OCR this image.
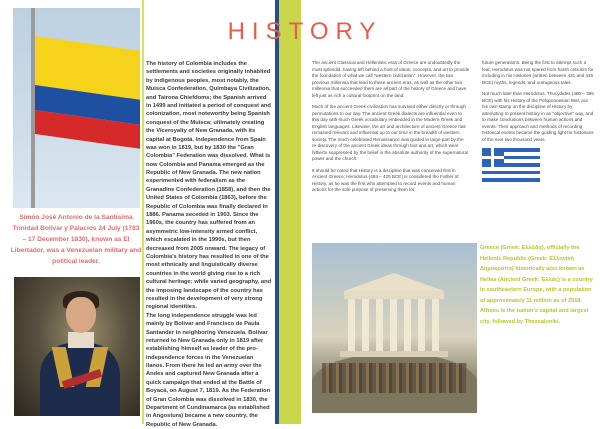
Simón José Antonio de la Santísima Trinidad Bolívar y Palacios 24 July (1783 – 17 December 1830), known as El Libertador, was a Venezuelan military and political leader.

The history of Colombia includes the settlements and societies originally inhabited by indigenous peoples, most notably, the Muisca Confederation, Quimbaya Civilization, and Tairona Chiefdoms; the Spanish arrived in 1499 and initiated a period of conquest and colonization, most noteworthy being Spanish conquest of the Muisca; ultimately creating the Viceroyalty of New Granada, with its capital at Bogotá. Independence from Spain was won in 1819, but by 1830 the "Gran Colombia" Federation was dissolved. What is now Colombia and Panama emerged as the Republic of New Granada. The new nation experimented with federalism as the Granadine Confederation (1858), and then the United States of Colombia (1863), before the Republic of Colombia was finally declared in 1886. Panama seceded in 1903. Since the 1960s, the country has suffered from an asymmetric low-intensity armed conflict, which escalated in the 1990s, but then decreased from 2005 onward. The legacy of Colombia's history has resulted in one of the most ethnically and linguistically diverse countries in the world giving rise to a rich cultural heritage; while varied geography, and the imposing landscape of the country has resulted in the development of very strong regional identities.

The long independence struggle was led mainly by Bolivar and Francisco de Paula Santander in neighboring Venezuela. Bolivar returned to New Granada only in 1819 after establishing himself as leader of the pro-independence forces in the Venezuelan llanos. From there he led an army over the Andes and captured New Granada after a quick campaign that ended at the Battle of Boyacá, on August 7, 1819. As the Federation of Gran Colombia was dissolved in 1830, the Department of Cundinamarca (as established in Angostura) became a new country, the Republic of New Granada.

HISTORY

The ancient Classical and Hellenistic eras of Greece are undoubtedly the most splendid, having left behind a host of ideas, concepts, and art to provide the foundation of what we call "western civilization". However, the two previous millennia that lead to these ancient eras, as well as the other two millennia that succeeded them are all part of the history of Greece and have left just as rich a cultural footprint on the land.

Much of the ancient Greek civilization has survived either directly or through permutations to our day. The ancient Greek dialects are influential even to this day with much Greek vocabulary embedded in the Modern Greek and English languages. Likewise, the art and architecture of ancient Greece has remained relevant and influential up to our time in the breadth of western society. The much-celebrated Renaissance was guided in large part by the re-discovery of the ancient Greek ideas through text and art, which were hitherto suppressed by the belief in the absolute authority of the supernatural power and the church.

It should be noted that History is a discipline that was conceived first in Ancient Greece; Herodotus (484 – 425 BCE) is considered the Father of History, as he was the first who attempted to record events and human actions for the sole purpose of preserving them for

future generations. Being the first to attempt such a feat, Herodotus was not spared from harsh criticism for including in his Histories (written between 431 and 425 BCE) myths, legends, and outrageous tales.

Not much later than Herodotus, Thucydides (460 – 395 BCE) with his History of the Peloponnesian War, put his own stamp on the discipline of History by attempting to present history in an "objective" way, and to make conclusions between human actions and events. Their approach and methods of recording historical events became the guiding light for historians of the next two thousand years.

Greece (Greek: Ελλάδα), officially the Hellenic Republic (Greek: Ελληνική Δημοκρατία) historically also known as Hellas (Ancient Greek: Ἑλλάς) is a country in southeastern Europe, with a population of approximately 11 million as of 2018. Athens is the nation's capital and largest city, followed by Thessaloniki.
